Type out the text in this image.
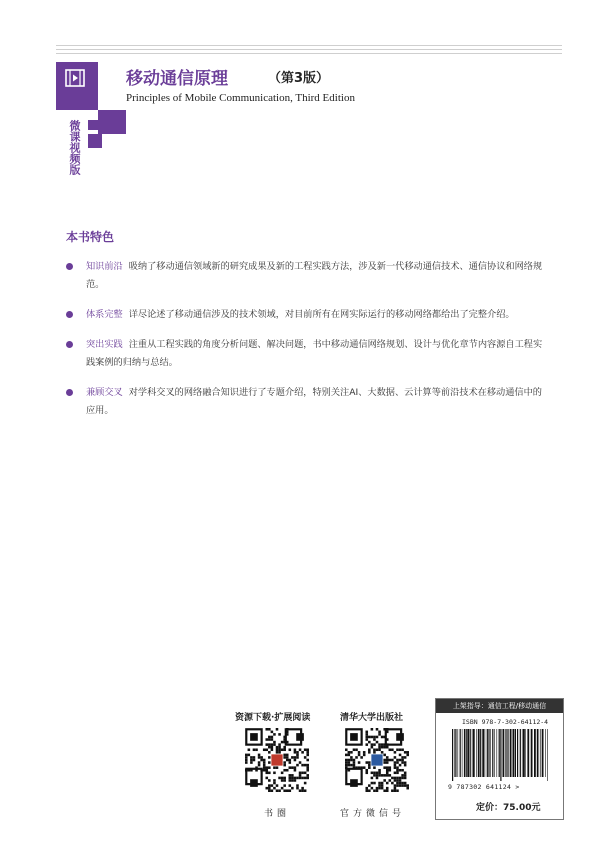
微课视频版
移动通信原理	（第3版）
Principles of Mobile Communication, Third Edition
本书特色
知识前沿 吸纳了移动通信领域新的研究成果及新的工程实践方法，涉及新一代移动通信技术、通信协议和网络规范。
体系完整 详尽论述了移动通信涉及的技术领域，对目前所有在网实际运行的移动网络都给出了完整介绍。
突出实践 注重从工程实践的角度分析问题、解决问题，书中移动通信网络规划、设计与优化章节内容源自工程实践案例的归纳与总结。
兼顾交叉 对学科交叉的网络融合知识进行了专题介绍，特别关注AI、大数据、云计算等前沿技术在移动通信中的应用。
资源下载·扩展阅读
书圈
清华大学出版社
官方微信号
上架指导：通信工程/移动通信
ISBN 978-7-302-64112-4
9 787302 641124 >
定价：75.00元
